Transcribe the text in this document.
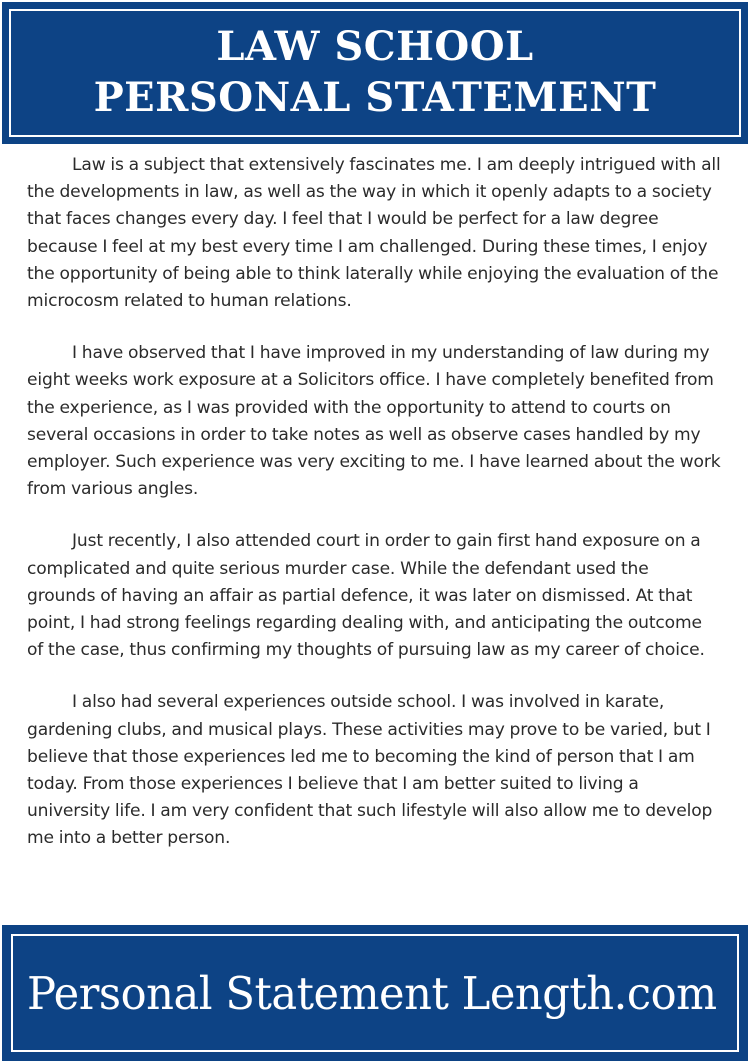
LAW SCHOOL
PERSONAL STATEMENT

Law is a subject that extensively fascinates me. I am deeply intrigued with all the developments in law, as well as the way in which it openly adapts to a society that faces changes every day. I feel that I would be perfect for a law degree because I feel at my best every time I am challenged. During these times, I enjoy the opportunity of being able to think laterally while enjoying the evaluation of the microcosm related to human relations.

I have observed that I have improved in my understanding of law during my eight weeks work exposure at a Solicitors office. I have completely benefited from the experience, as I was provided with the opportunity to attend to courts on several occasions in order to take notes as well as observe cases handled by my employer. Such experience was very exciting to me. I have learned about the work from various angles.

Just recently, I also attended court in order to gain first hand exposure on a complicated and quite serious murder case. While the defendant used the grounds of having an affair as partial defence, it was later on dismissed. At that point, I had strong feelings regarding dealing with, and anticipating the outcome of the case, thus confirming my thoughts of pursuing law as my career of choice.

I also had several experiences outside school. I was involved in karate, gardening clubs, and musical plays. These activities may prove to be varied, but I believe that those experiences led me to becoming the kind of person that I am today. From those experiences I believe that I am better suited to living a university life. I am very confident that such lifestyle will also allow me to develop me into a better person.

Personal Statement Length.com
